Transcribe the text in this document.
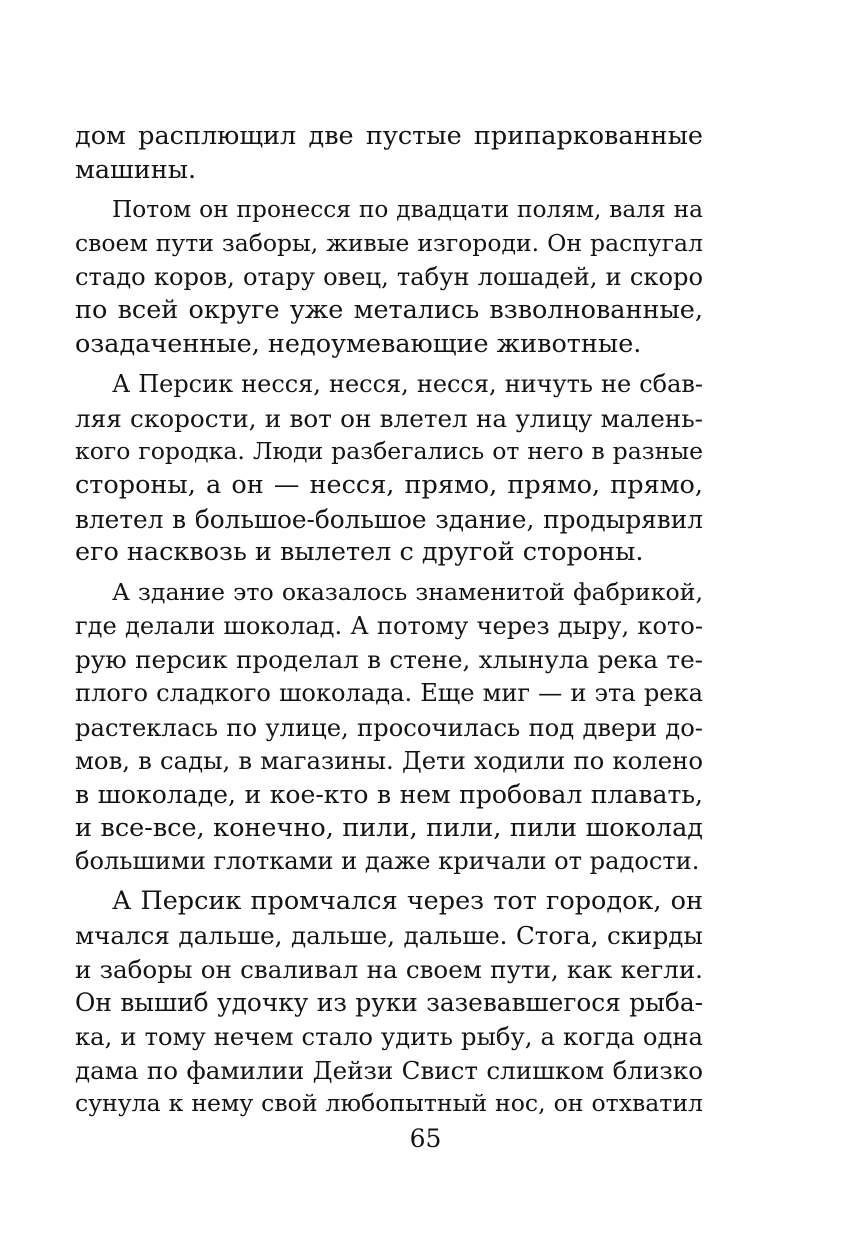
дом расплющил две пустые припаркованные
машины.
Потом он пронесся по двадцати полям, валя на
своем пути заборы, живые изгороди. Он распугал
стадо коров, отару овец, табун лошадей, и скоро
по всей округе уже метались взволнованные,
озадаченные, недоумевающие животные.
А Персик несся, несся, несся, ничуть не сбав-
ляя скорости, и вот он влетел на улицу малень-
кого городка. Люди разбегались от него в разные
стороны, а он — несся, прямо, прямо, прямо,
влетел в большое-большое здание, продырявил
его насквозь и вылетел с другой стороны.
А здание это оказалось знаменитой фабрикой,
где делали шоколад. А потому через дыру, кото-
рую персик проделал в стене, хлынула река те-
плого сладкого шоколада. Еще миг — и эта река
растеклась по улице, просочилась под двери до-
мов, в сады, в магазины. Дети ходили по колено
в шоколаде, и кое-кто в нем пробовал плавать,
и все-все, конечно, пили, пили, пили шоколад
большими глотками и даже кричали от радости.
А Персик промчался через тот городок, он
мчался дальше, дальше, дальше. Стога, скирды
и заборы он сваливал на своем пути, как кегли.
Он вышиб удочку из руки зазевавшегося рыба-
ка, и тому нечем стало удить рыбу, а когда одна
дама по фамилии Дейзи Свист слишком близко
сунула к нему свой любопытный нос, он отхватил
65
